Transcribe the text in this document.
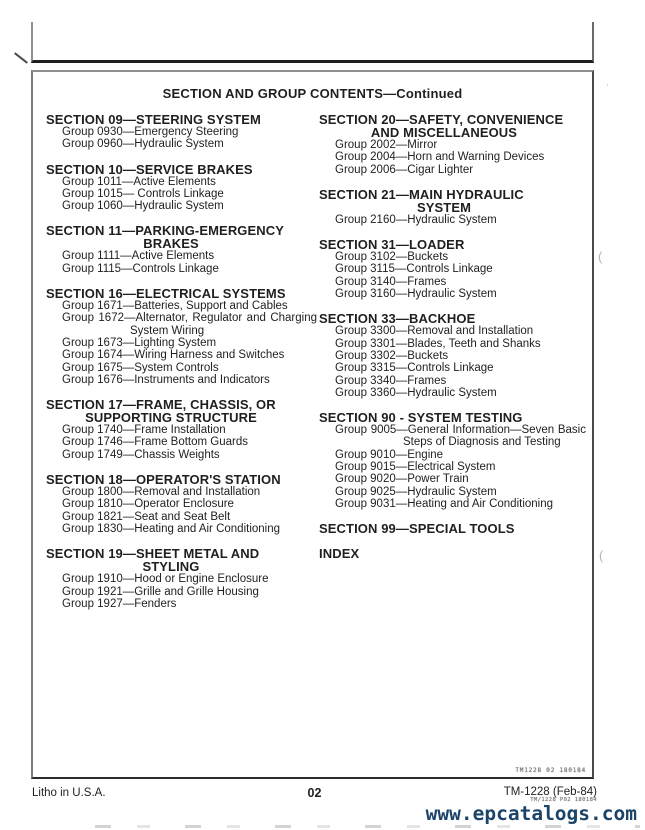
ˈ
(
(
SECTION AND GROUP CONTENTS—Continued
SECTION 09—STEERING SYSTEM
Group 0930—Emergency Steering
Group 0960—Hydraulic System
SECTION 10—SERVICE BRAKES
Group 1011—Active Elements
Group 1015— Controls Linkage
Group 1060—Hydraulic System
SECTION 11—PARKING-EMERGENCY
BRAKES
Group 1111—Active Elements
Group 1115—Controls Linkage
SECTION 16—ELECTRICAL SYSTEMS
Group 1671—Batteries, Support and Cables
Group 1672—Alternator, Regulator and Charging
System Wiring
Group 1673—Lighting System
Group 1674—Wiring Harness and Switches
Group 1675—System Controls
Group 1676—Instruments and Indicators
SECTION 17—FRAME, CHASSIS, OR
SUPPORTING STRUCTURE
Group 1740—Frame Installation
Group 1746—Frame Bottom Guards
Group 1749—Chassis Weights
SECTION 18—OPERATOR'S STATION
Group 1800—Removal and Installation
Group 1810—Operator Enclosure
Group 1821—Seat and Seat Belt
Group 1830—Heating and Air Conditioning
SECTION 19—SHEET METAL AND
STYLING
Group 1910—Hood or Engine Enclosure
Group 1921—Grille and Grille Housing
Group 1927—Fenders
SECTION 20—SAFETY, CONVENIENCE
AND MISCELLANEOUS
Group 2002—Mirror
Group 2004—Horn and Warning Devices
Group 2006—Cigar Lighter
SECTION 21—MAIN HYDRAULIC
SYSTEM
Group 2160—Hydraulic System
SECTION 31—LOADER
Group 3102—Buckets
Group 3115—Controls Linkage
Group 3140—Frames
Group 3160—Hydraulic System
SECTION 33—BACKHOE
Group 3300—Removal and Installation
Group 3301—Blades, Teeth and Shanks
Group 3302—Buckets
Group 3315—Controls Linkage
Group 3340—Frames
Group 3360—Hydraulic System
SECTION 90 - SYSTEM TESTING
Group 9005—General Information—Seven Basic
Steps of Diagnosis and Testing
Group 9010—Engine
Group 9015—Electrical System
Group 9020—Power Train
Group 9025—Hydraulic System
Group 9031—Heating and Air Conditioning
SECTION 99—SPECIAL TOOLS
INDEX
TM1228 02 180184
Litho in U.S.A.	02	TM-1228 (Feb-84)
TM/1228 P02 180184
www.epcatalogs.com
